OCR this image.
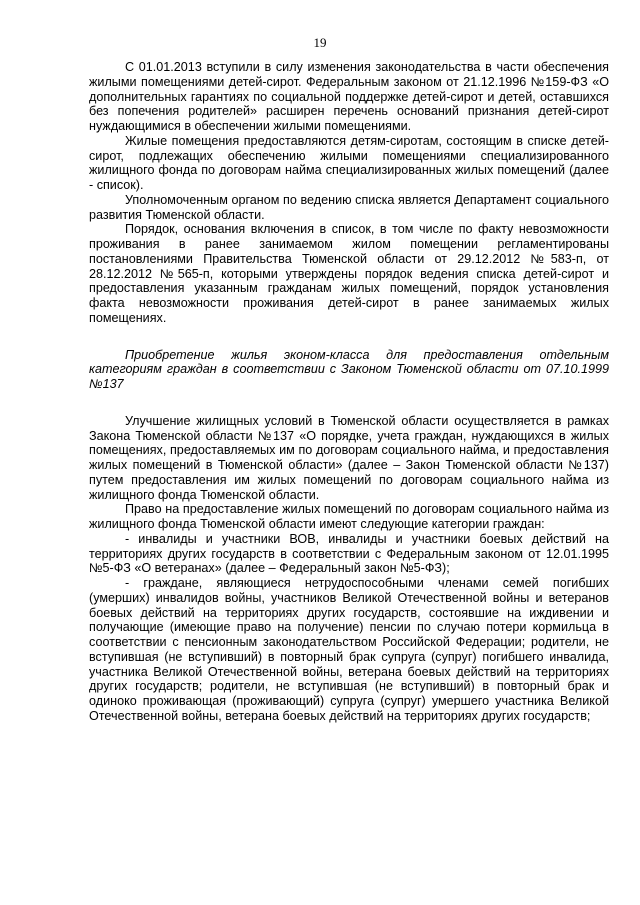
19

С 01.01.2013 вступили в силу изменения законодательства в части обеспечения жилыми помещениями детей-сирот. Федеральным законом от 21.12.1996 №159-ФЗ «О дополнительных гарантиях по социальной поддержке детей-сирот и детей, оставшихся без попечения родителей» расширен перечень оснований признания детей-сирот нуждающимися в обеспечении жилыми помещениями.

Жилые помещения предоставляются детям-сиротам, состоящим в списке детей-сирот, подлежащих обеспечению жилыми помещениями специализированного жилищного фонда по договорам найма специализированных жилых помещений (далее - список).

Уполномоченным органом по ведению списка является Департамент социального развития Тюменской области.

Порядок, основания включения в список, в том числе по факту невозможности проживания в ранее занимаемом жилом помещении регламентированы постановлениями Правительства Тюменской области от 29.12.2012 №583-п, от 28.12.2012 №565-п, которыми утверждены порядок ведения списка детей-сирот и предоставления указанным гражданам жилых помещений, порядок установления факта невозможности проживания детей-сирот в ранее занимаемых жилых помещениях.

Приобретение жилья эконом-класса для предоставления отдельным категориям граждан в соответствии с Законом Тюменской области от 07.10.1999 №137

Улучшение жилищных условий в Тюменской области осуществляется в рамках Закона Тюменской области №137 «О порядке, учета граждан, нуждающихся в жилых помещениях, предоставляемых им по договорам социального найма, и предоставления жилых помещений в Тюменской области» (далее – Закон Тюменской области №137) путем предоставления им жилых помещений по договорам социального найма из жилищного фонда Тюменской области.

Право на предоставление жилых помещений по договорам социального найма из жилищного фонда Тюменской области имеют следующие категории граждан:

- инвалиды и участники ВОВ, инвалиды и участники боевых действий на территориях других государств в соответствии с Федеральным законом от 12.01.1995 №5-ФЗ «О ветеранах» (далее – Федеральный закон №5-ФЗ);

- граждане, являющиеся нетрудоспособными членами семей погибших (умерших) инвалидов войны, участников Великой Отечественной войны и ветеранов боевых действий на территориях других государств, состоявшие на иждивении и получающие (имеющие право на получение) пенсии по случаю потери кормильца в соответствии с пенсионным законодательством Российской Федерации; родители, не вступившая (не вступивший) в повторный брак супруга (супруг) погибшего инвалида, участника Великой Отечественной войны, ветерана боевых действий на территориях других государств; родители, не вступившая (не вступивший) в повторный брак и одиноко проживающая (проживающий) супруга (супруг) умершего участника Великой Отечественной войны, ветерана боевых действий на территориях других государств;
